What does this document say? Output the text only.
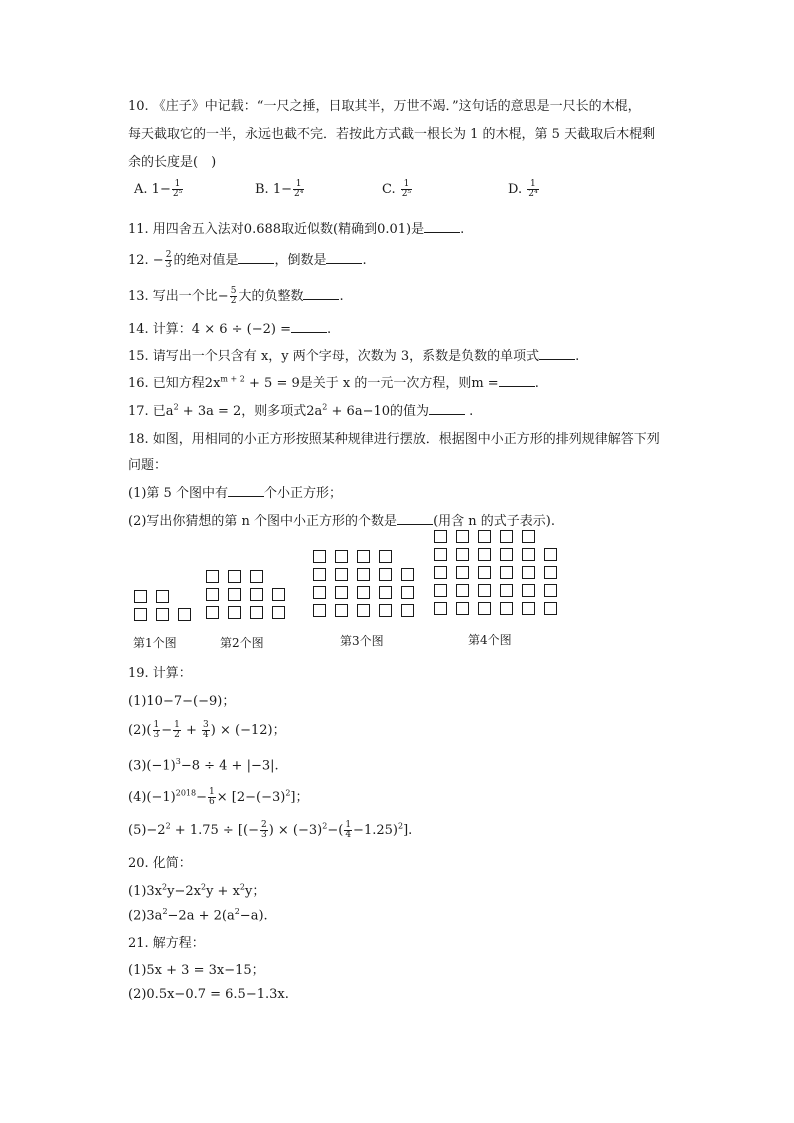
10. 《庄子》中记载：“一尺之捶，日取其半，万世不竭．”这句话的意思是一尺长的木棍，
每天截取它的一半，永远也截不完．若按此方式截一根长为 1 的木棍，第 5 天截取后木棍剩
余的长度是(　)
A. $1- \frac{1}{\text{2⁵}}$	B. $1- \frac{1}{\text{2⁴}}$	C. $\frac{1}{\text{2⁵}}$	D. $\frac{1}{\text{2⁴}}$
11. 用四舍五入法对0.688取近似数(精确到0.01)是	.
12. − $\frac{2}{3}$ 的绝对值是	，倒数是	.
13. 写出一个比− $\frac{5}{2}$ 大的负整数	.
14. 计算：4 × 6 ÷ (−2) =	.
15. 请写出一个只含有 x，y 两个字母，次数为 3，系数是负数的单项式	.
16. 已知方程$2x^{m + 2} + 5 = 9$是关于 x 的一元一次方程，则m =	.
17. 已$a^2 + 3a = 2$，则多项式$2a^2 + 6a-10$的值为	.
18. 如图，用相同的小正方形按照某种规律进行摆放．根据图中小正方形的排列规律解答下列
问题：
(1)第 5 个图中有	个小正方形；
(2)写出你猜想的第 n 个图中小正方形的个数是	(用含 n 的式子表示).
第1个图	第2个图	第3个图	第4个图
19. 计算：
(1)10−7−(−9)；
$(2)( \frac{1}{3} - \frac{1}{2} + \frac{3}{4}$ ) × (−12)；
$(3)(-1)^3-8 \div 4 + |-3|$.
$(4)(-1)^{2018}- \frac{1}{6} \times [2-(-3)^2]$；
$(5)-2^2 + 1.75$ ÷ [(− $\frac{2}{3}$ ) × $(-3)^2-( \frac{1}{4} -1.25)^2$].
20. 化简：
$(1)3x^2y-2x^2y + x^2y$；
$(2)3a^2-2a + 2(a^2-a)$.
21. 解方程：
(1)5x + 3 = 3x−15；
(2)0.5x−0.7 = 6.5−1.3x.
